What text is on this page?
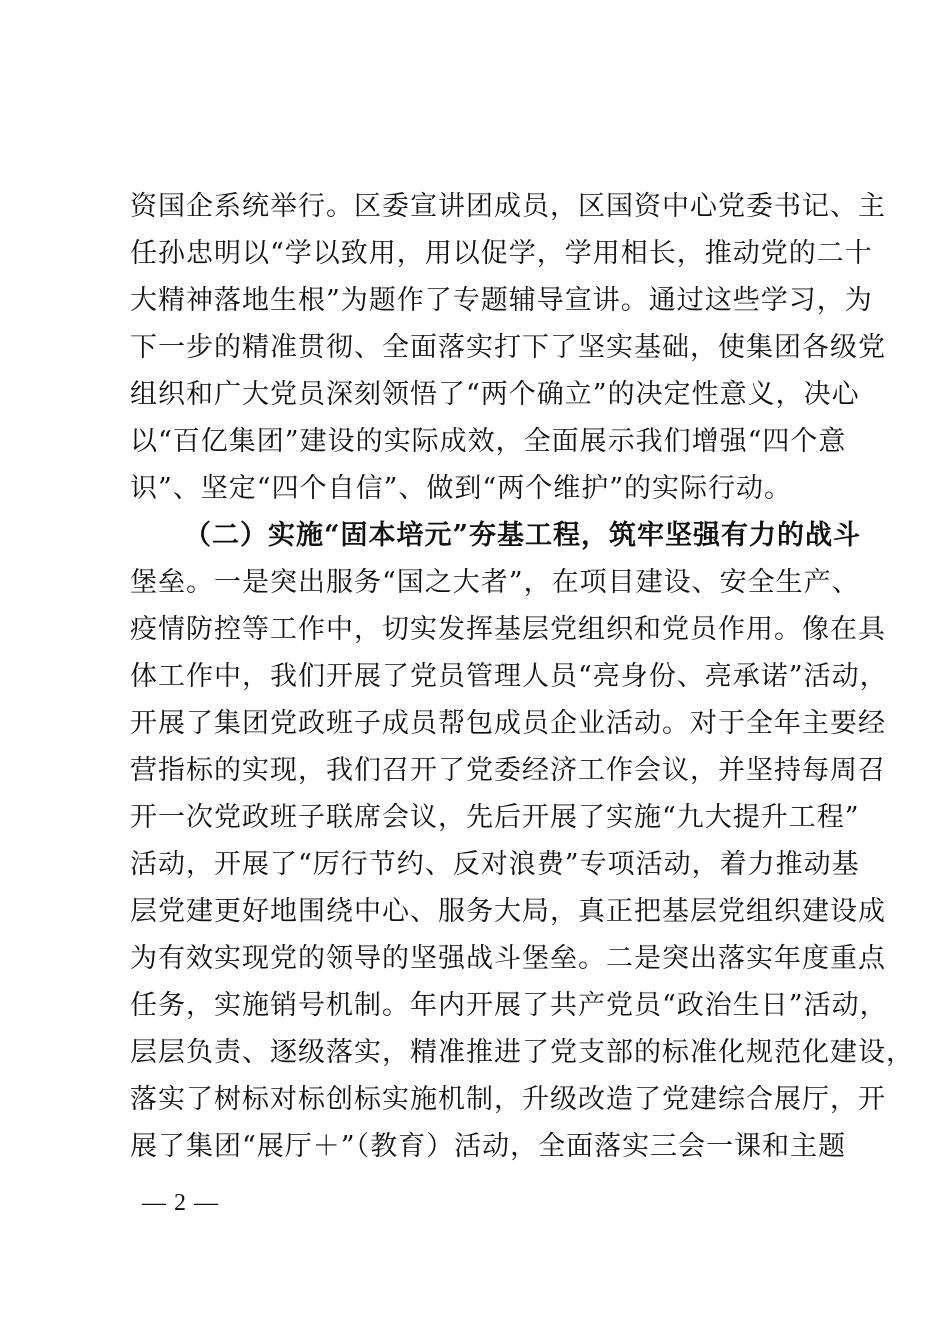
资国企系统举行。区委宣讲团成员，区国资中心党委书记、主
任孙忠明以“学以致用，用以促学，学用相长，推动党的二十
大精神落地生根”为题作了专题辅导宣讲。通过这些学习，为
下一步的精准贯彻、全面落实打下了坚实基础，使集团各级党
组织和广大党员深刻领悟了“两个确立”的决定性意义，决心
以“百亿集团”建设的实际成效，全面展示我们增强“四个意
识”、坚定“四个自信”、做到“两个维护”的实际行动。
（二）实施“固本培元”夯基工程，筑牢坚强有力的战斗
堡垒。一是突出服务“国之大者”，在项目建设、安全生产、
疫情防控等工作中，切实发挥基层党组织和党员作用。像在具
体工作中，我们开展了党员管理人员“亮身份、亮承诺”活动，
开展了集团党政班子成员帮包成员企业活动。对于全年主要经
营指标的实现，我们召开了党委经济工作会议，并坚持每周召
开一次党政班子联席会议，先后开展了实施“九大提升工程”
活动，开展了“厉行节约、反对浪费”专项活动，着力推动基
层党建更好地围绕中心、服务大局，真正把基层党组织建设成
为有效实现党的领导的坚强战斗堡垒。二是突出落实年度重点
任务，实施销号机制。年内开展了共产党员“政治生日”活动，
层层负责、逐级落实，精准推进了党支部的标准化规范化建设，
落实了树标对标创标实施机制，升级改造了党建综合展厅，开
展了集团“展厅＋”（教育）活动，全面落实三会一课和主题
— 2 —
